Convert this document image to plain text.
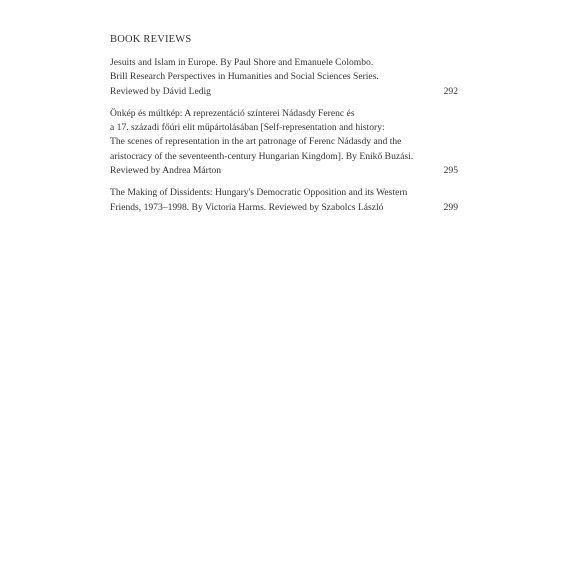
BOOK REVIEWS
Jesuits and Islam in Europe. By Paul Shore and Emanuele Colombo.
Brill Research Perspectives in Humanities and Social Sciences Series.
Reviewed by Dávid Ledig	292
Önkép és múltkép: A reprezentáció színterei Nádasdy Ferenc és
a 17. századi főúri elit műpártolásában [Self-representation and history:
The scenes of representation in the art patronage of Ferenc Nádasdy and the
aristocracy of the seventeenth-century Hungarian Kingdom]. By Enikő Buzási.
Reviewed by Andrea Márton	295
The Making of Dissidents: Hungary's Democratic Opposition and its Western
Friends, 1973–1998. By Victoria Harms. Reviewed by Szabolcs László	299
